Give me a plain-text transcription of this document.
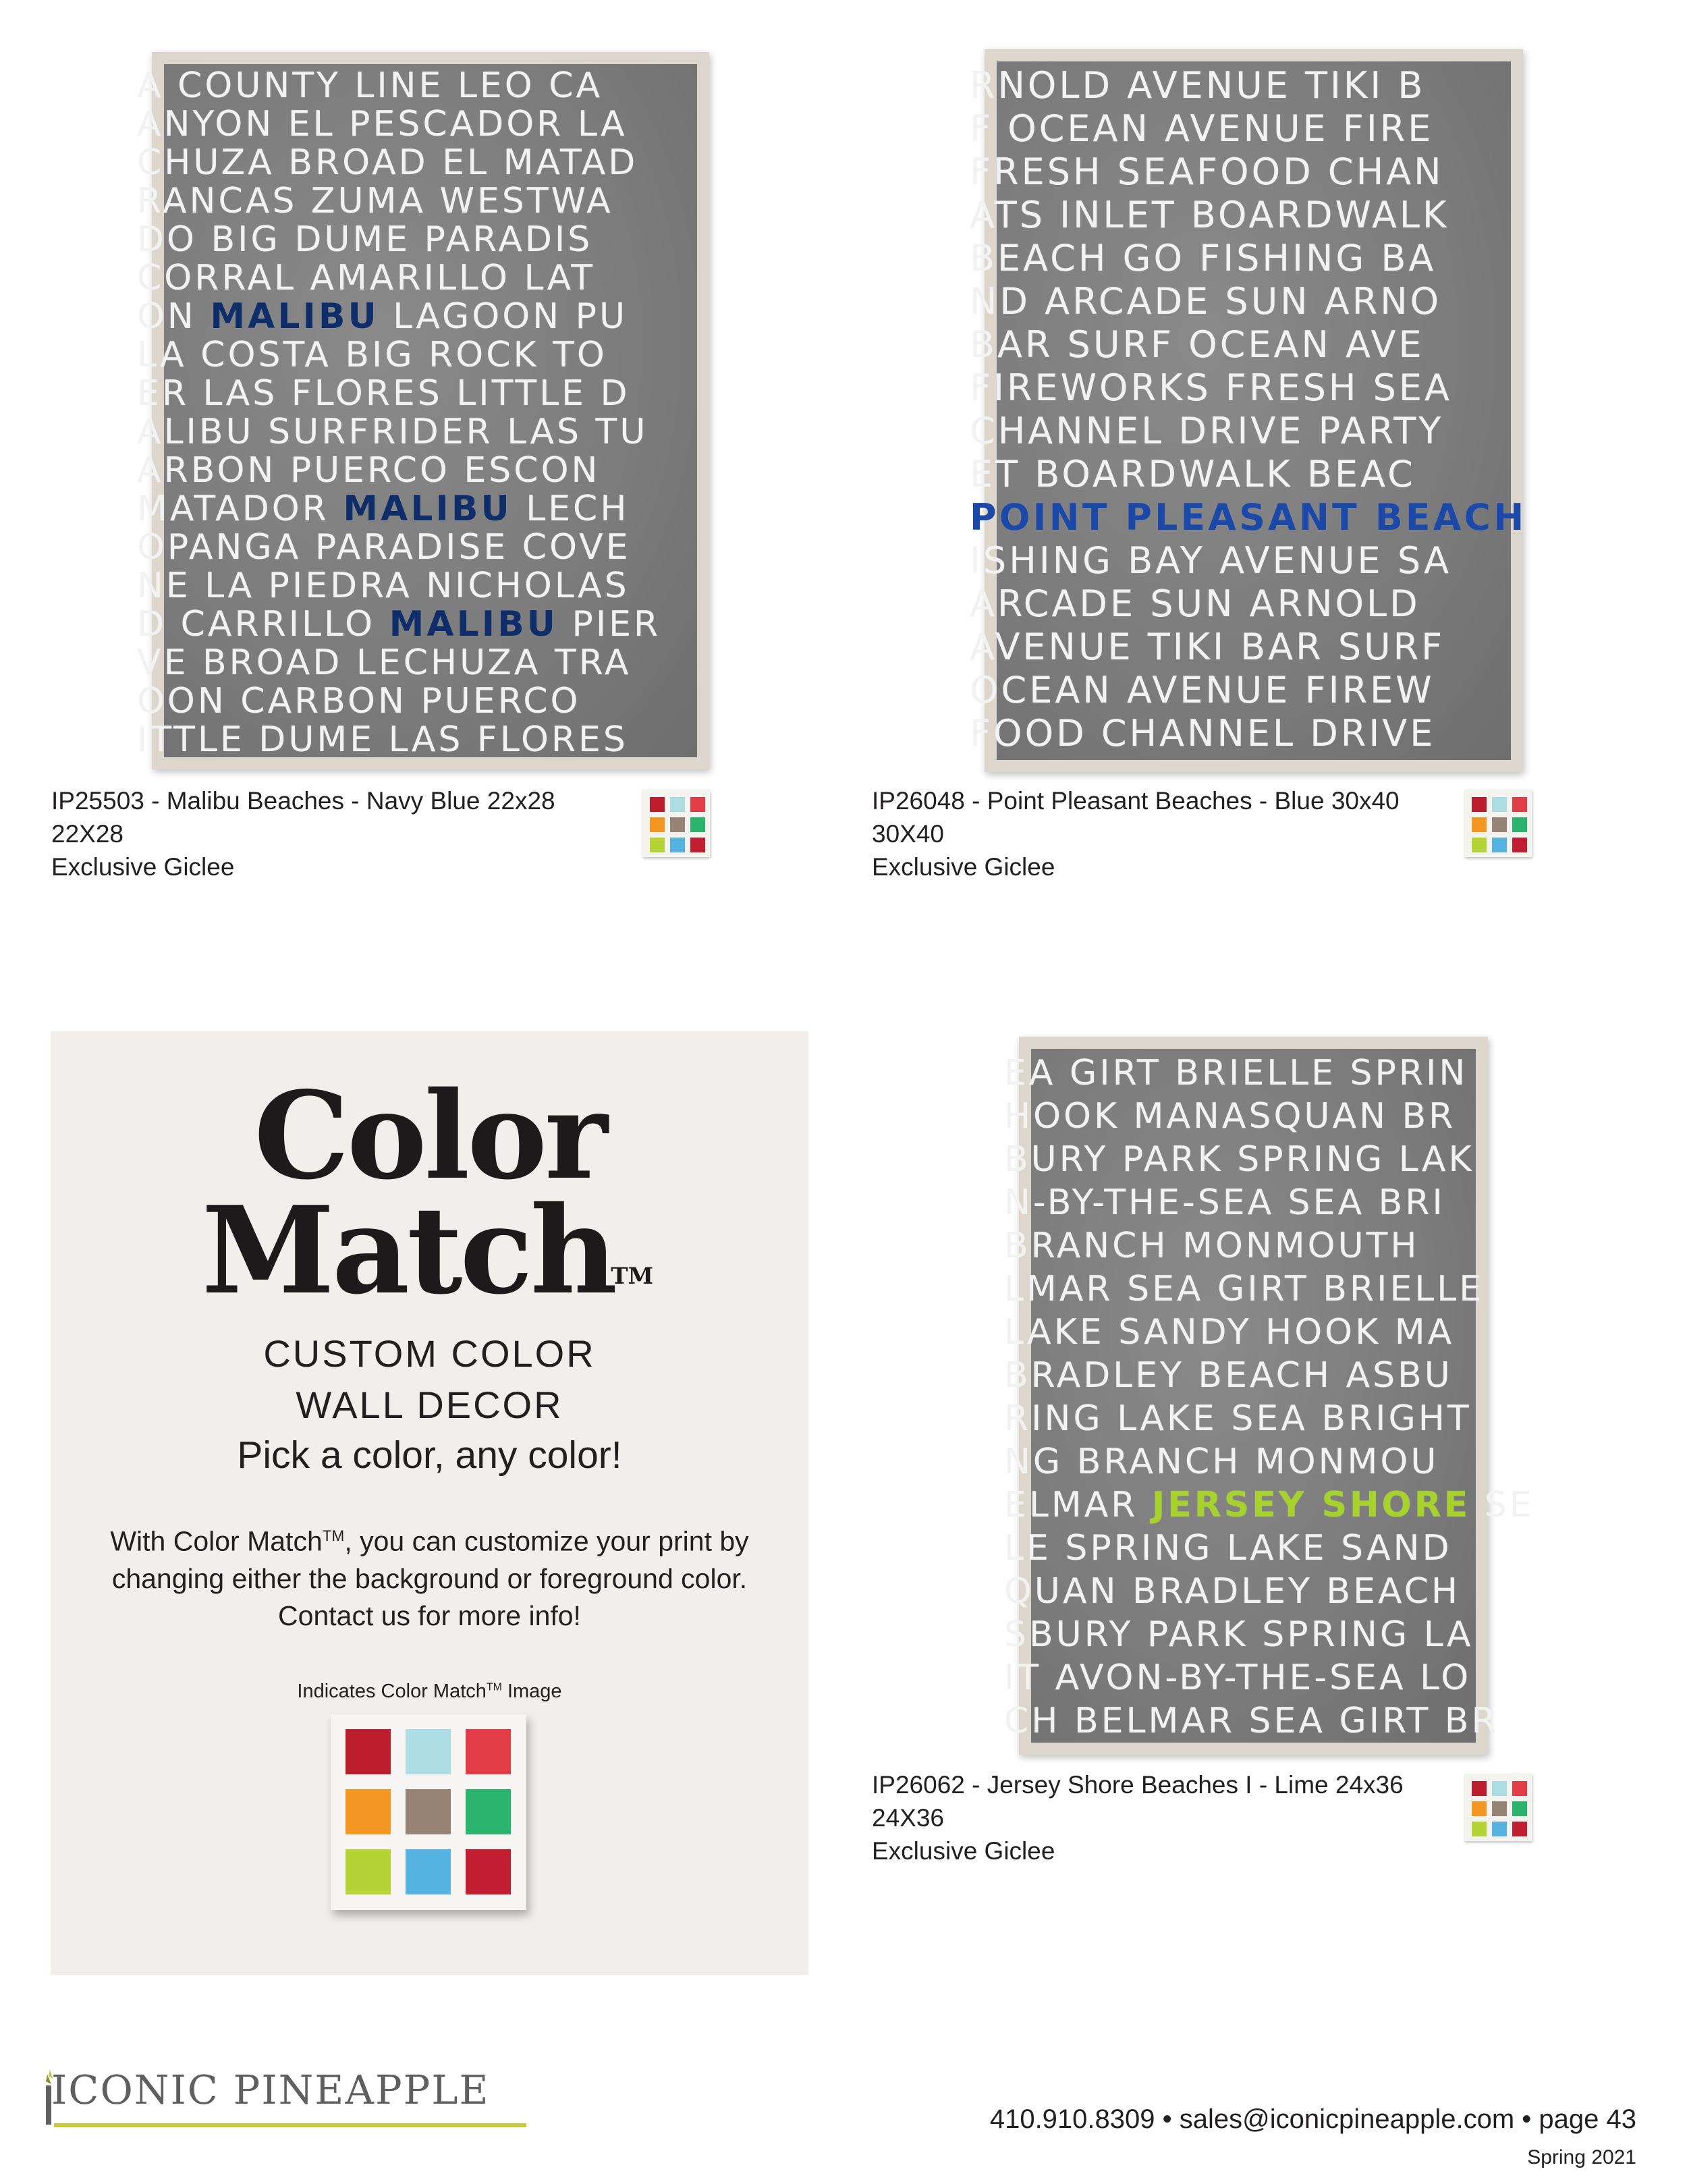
A COUNTY LINE LEO CA
ANYON EL PESCADOR LA
CHUZA BROAD EL MATAD
RANCAS ZUMA WESTWA
DO BIG DUME PARADIS
CORRAL AMARILLO LAT
ON MALIBU LAGOON PU
LA COSTA BIG ROCK TO
ER LAS FLORES LITTLE D
ALIBU SURFRIDER LAS TU
ARBON PUERCO ESCON
MATADOR MALIBU LECH
OPANGA PARADISE COVE
NE LA PIEDRA NICHOLAS
D CARRILLO MALIBU PIER
VE BROAD LECHUZA TRA
OON CARBON PUERCO
ITTLE DUME LAS FLORES
IP25503 - Malibu Beaches - Navy Blue 22x28
22X28
Exclusive Giclee
RNOLD AVENUE TIKI B
F OCEAN AVENUE FIRE
FRESH SEAFOOD CHAN
ATS INLET BOARDWALK
BEACH GO FISHING BA
ND ARCADE SUN ARNO
BAR SURF OCEAN AVE
FIREWORKS FRESH SEA
CHANNEL DRIVE PARTY
ET BOARDWALK BEAC
POINT PLEASANT BEACH
ISHING BAY AVENUE SA
ARCADE SUN ARNOLD
AVENUE TIKI BAR SURF
OCEAN AVENUE FIREW
FOOD CHANNEL DRIVE
IP26048 - Point Pleasant Beaches - Blue 30x40
30X40
Exclusive Giclee
EA GIRT BRIELLE SPRIN
HOOK MANASQUAN BR
BURY PARK SPRING LAK
N-BY-THE-SEA SEA BRI
BRANCH MONMOUTH
LMAR SEA GIRT BRIELLE
LAKE SANDY HOOK MA
BRADLEY BEACH ASBU
RING LAKE SEA BRIGHT
NG BRANCH MONMOU
ELMAR JERSEY SHORE SE
LE SPRING LAKE SAND
QUAN BRADLEY BEACH
SBURY PARK SPRING LA
IT AVON-BY-THE-SEA LO
CH BELMAR SEA GIRT BR
IP26062 - Jersey Shore Beaches I - Lime 24x36
24X36
Exclusive Giclee
Color
Match™
CUSTOM COLOR
WALL DECOR
Pick a color, any color!
With Color Match™, you can customize your print by changing either the background or foreground color. Contact us for more info!
Indicates Color Match™ Image
ICONIC PINEAPPLE
410.910.8309 • sales@iconicpineapple.com • page 43
Spring 2021
